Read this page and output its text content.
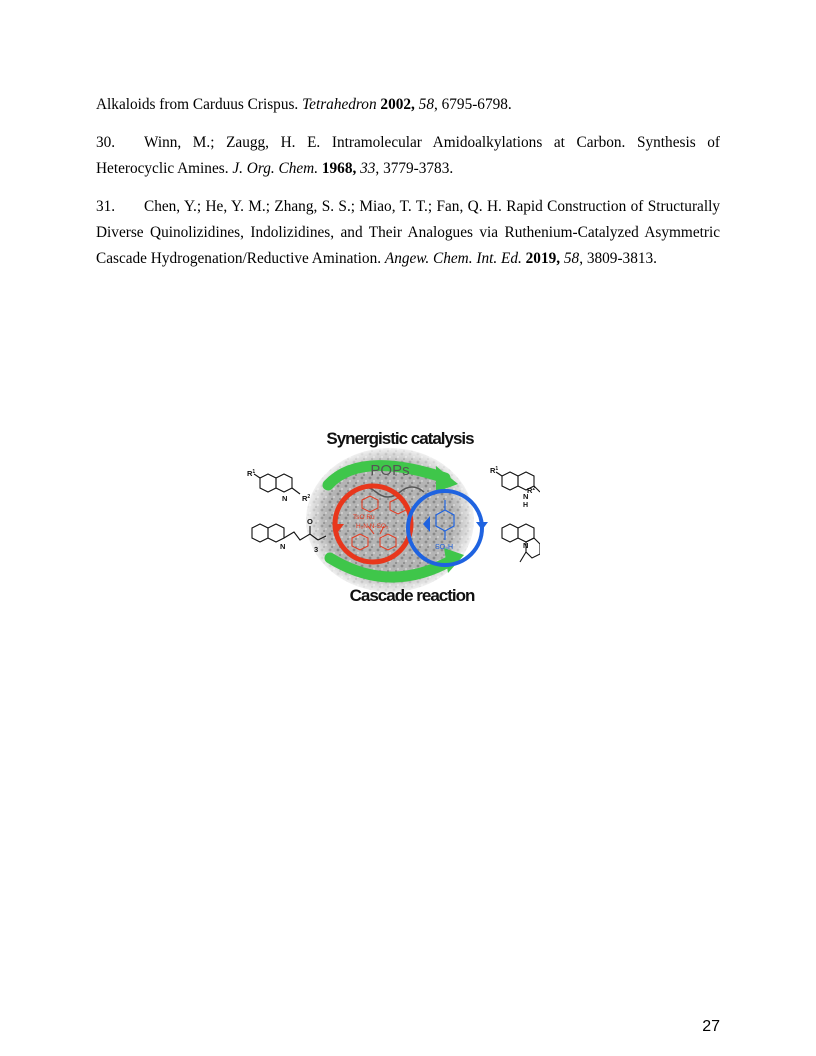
Alkaloids from Carduus Crispus. Tetrahedron 2002, 58, 6795-6798.

30. Winn, M.; Zaugg, H. E. Intramolecular Amidoalkylations at Carbon. Synthesis of Heterocyclic Amines. J. Org. Chem. 1968, 33, 3779-3783.

31. Chen, Y.; He, Y. M.; Zhang, S. S.; Miao, T. T.; Fan, Q. H. Rapid Construction of Structurally Diverse Quinolizidines, Indolizidines, and Their Analogues via Ruthenium-Catalyzed Asymmetric Cascade Hydrogenation/Reductive Amination. Angew. Chem. Int. Ed. 2019, 58, 3809-3813.

TsO Ru
H₂N N-SO₂
SO₃H
POPs
Synergistic catalysis
Cascade reaction
$R^1$
N $R^2$
O
N	3
$R^1$
N
H
$R^2$
N
27
